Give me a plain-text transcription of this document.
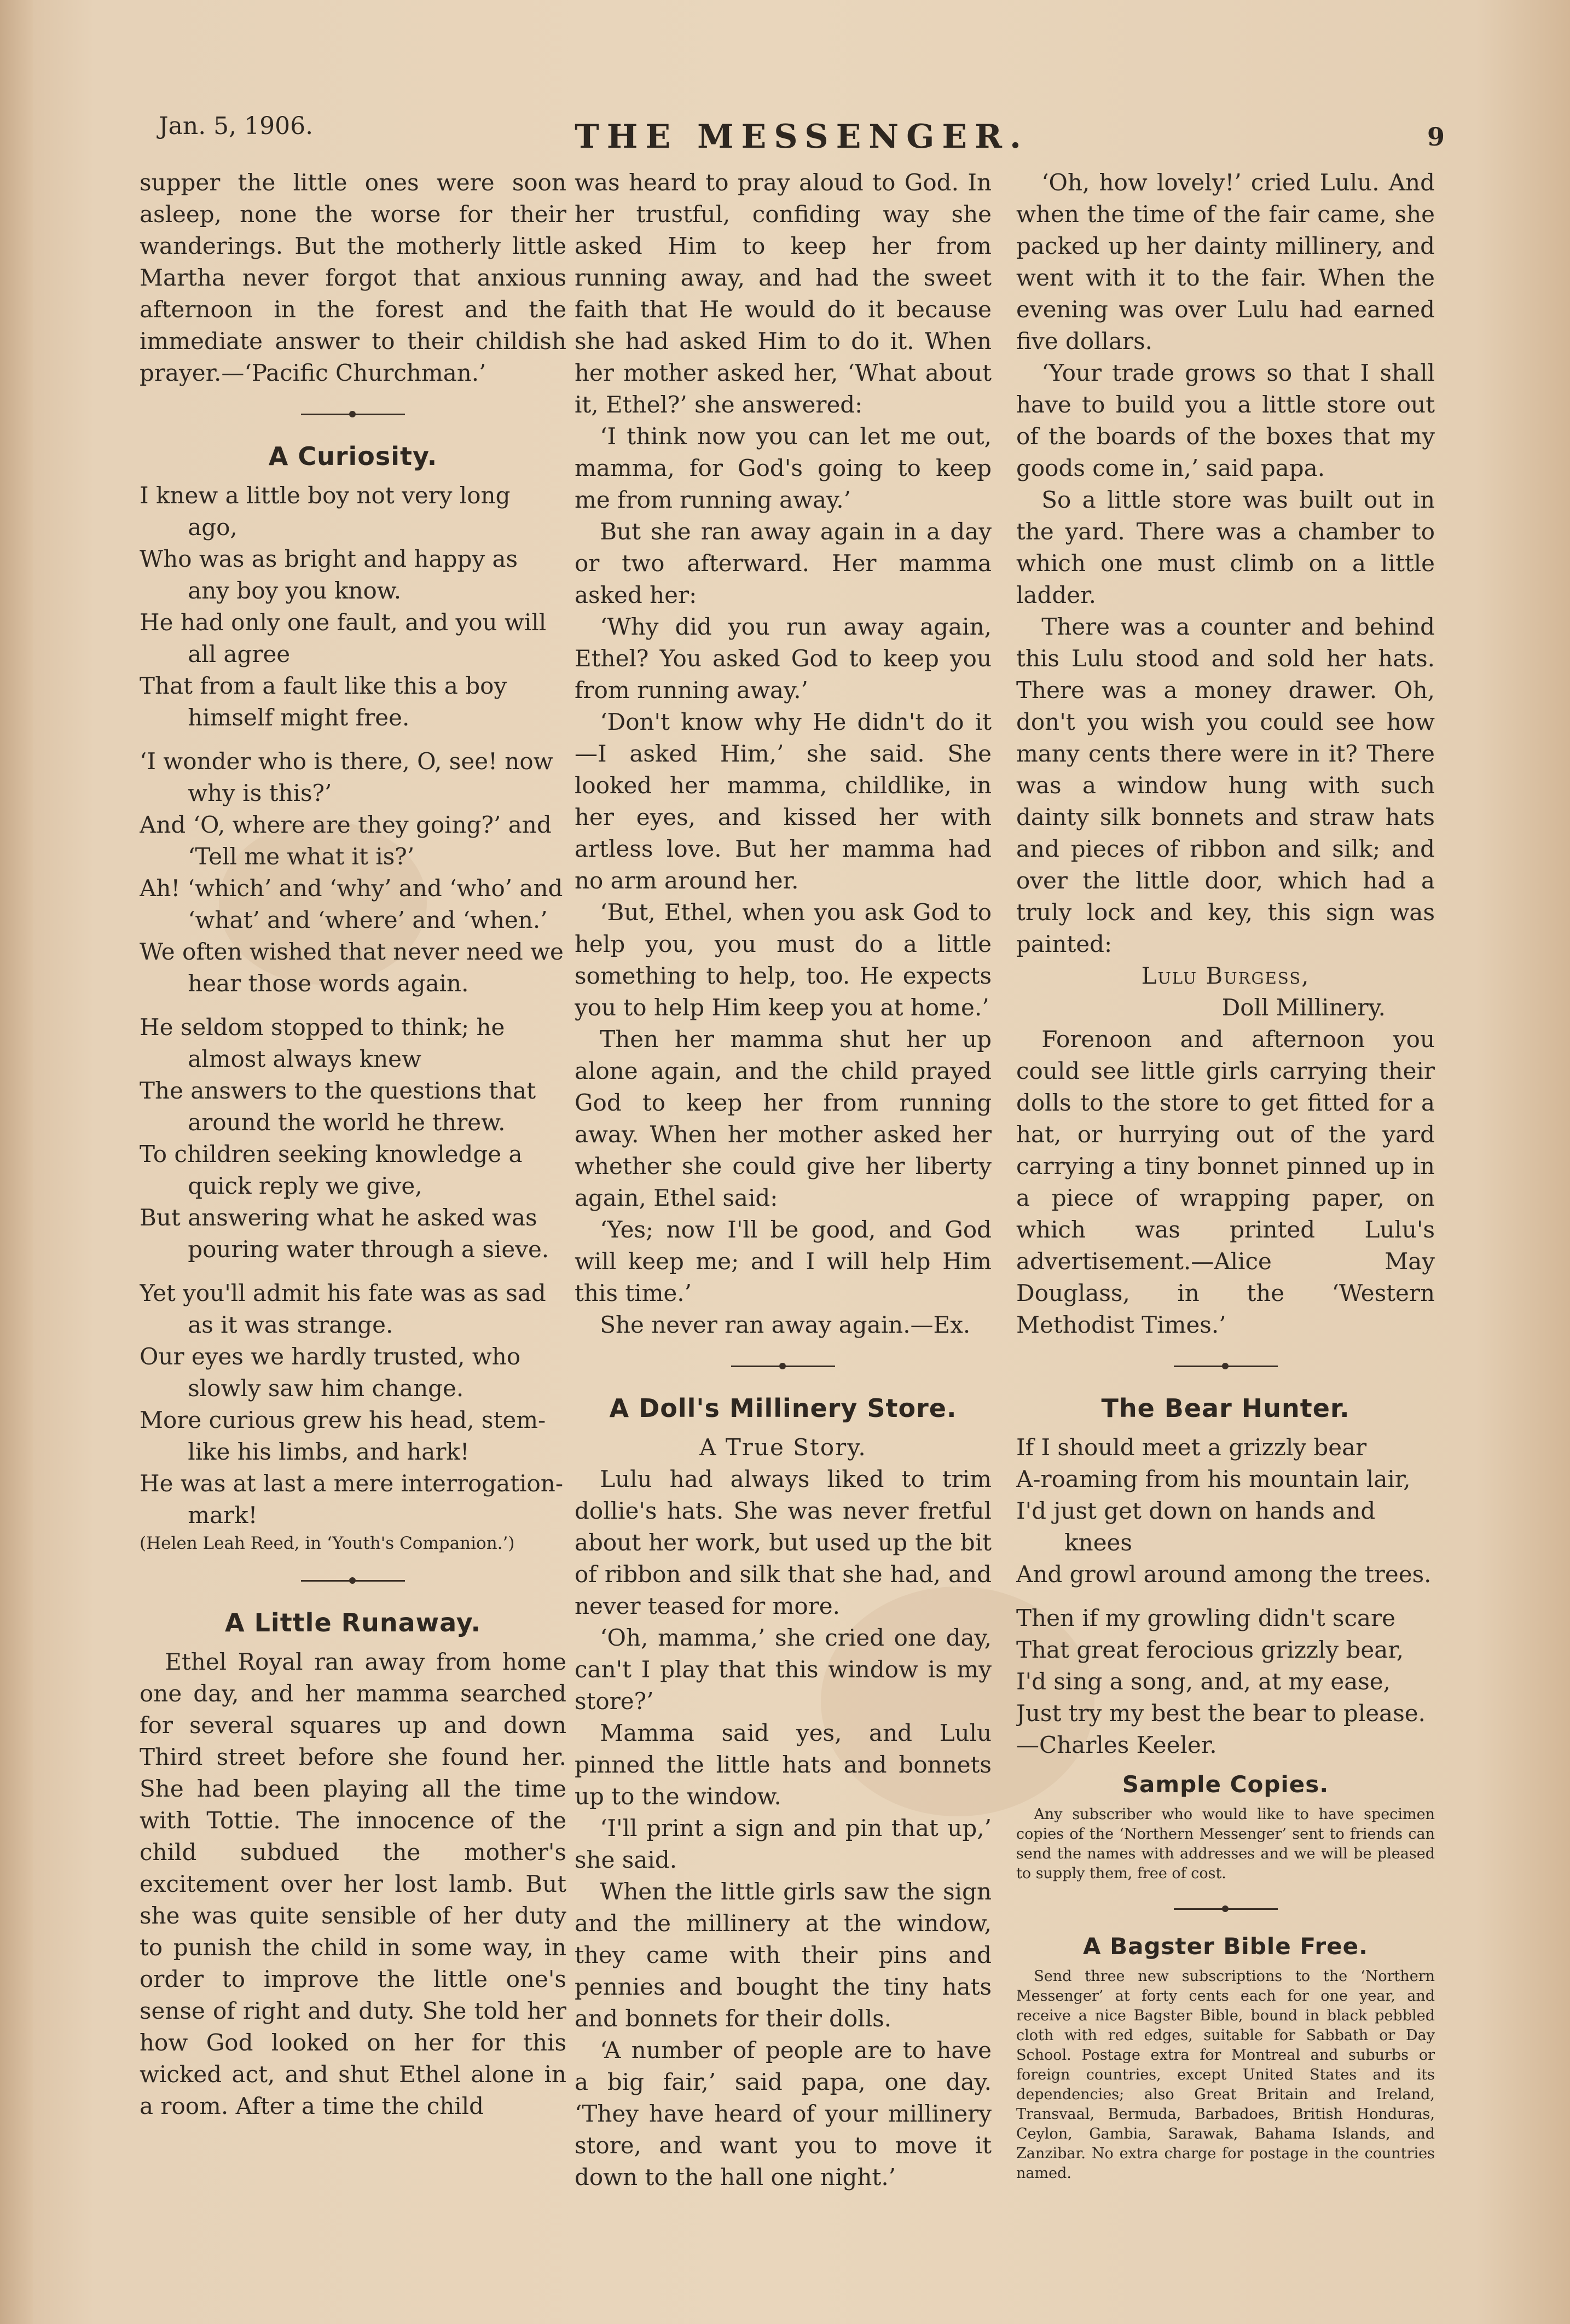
Jan. 5, 1906.	THE MESSENGER.	9

supper the little ones were soon asleep, none the worse for their wanderings. But the motherly little Martha never forgot that anxious afternoon in the forest and the immediate answer to their childish prayer.—‘Pacific Churchman.’

A Curiosity.

I knew a little boy not very long ago,

Who was as bright and happy as any boy you know.

He had only one fault, and you will all agree

That from a fault like this a boy himself might free.

‘I wonder who is there, O, see! now why is this?’

And ‘O, where are they going?’ and ‘Tell me what it is?’

Ah! ‘which’ and ‘why’ and ‘who’ and ‘what’ and ‘where’ and ‘when.’

We often wished that never need we hear those words again.

He seldom stopped to think; he almost always knew

The answers to the questions that around the world he threw.

To children seeking knowledge a quick reply we give,

But answering what he asked was pouring water through a sieve.

Yet you'll admit his fate was as sad as it was strange.

Our eyes we hardly trusted, who slowly saw him change.

More curious grew his head, stem-like his limbs, and hark!

He was at last a mere interrogation-mark!

(Helen Leah Reed, in ‘Youth's Companion.’)

A Little Runaway.

Ethel Royal ran away from home one day, and her mamma searched for several squares up and down Third street before she found her. She had been playing all the time with Tottie. The innocence of the child subdued the mother's excitement over her lost lamb. But she was quite sensible of her duty to punish the child in some way, in order to improve the little one's sense of right and duty. She told her how God looked on her for this wicked act, and shut Ethel alone in a room. After a time the child

was heard to pray aloud to God. In her trustful, confiding way she asked Him to keep her from running away, and had the sweet faith that He would do it because she had asked Him to do it. When her mother asked her, ‘What about it, Ethel?’ she answered:

‘I think now you can let me out, mamma, for God's going to keep me from running away.’

But she ran away again in a day or two afterward. Her mamma asked her:

‘Why did you run away again, Ethel? You asked God to keep you from running away.’

‘Don't know why He didn't do it—I asked Him,’ she said. She looked her mamma, childlike, in her eyes, and kissed her with artless love. But her mamma had no arm around her.

‘But, Ethel, when you ask God to help you, you must do a little something to help, too. He expects you to help Him keep you at home.’

Then her mamma shut her up alone again, and the child prayed God to keep her from running away. When her mother asked her whether she could give her liberty again, Ethel said:

‘Yes; now I'll be good, and God will keep me; and I will help Him this time.’

She never ran away again.—Ex.

A Doll's Millinery Store.

A True Story.

Lulu had always liked to trim dollie's hats. She was never fretful about her work, but used up the bit of ribbon and silk that she had, and never teased for more.

‘Oh, mamma,’ she cried one day, can't I play that this window is my store?’

Mamma said yes, and Lulu pinned the little hats and bonnets up to the window.

‘I'll print a sign and pin that up,’ she said.

When the little girls saw the sign and the millinery at the window, they came with their pins and pennies and bought the tiny hats and bonnets for their dolls.

‘A number of people are to have a big fair,’ said papa, one day. ‘They have heard of your millinery store, and want you to move it down to the hall one night.’

‘Oh, how lovely!’ cried Lulu. And when the time of the fair came, she packed up her dainty millinery, and went with it to the fair. When the evening was over Lulu had earned five dollars.

‘Your trade grows so that I shall have to build you a little store out of the boards of the boxes that my goods come in,’ said papa.

So a little store was built out in the yard. There was a chamber to which one must climb on a little ladder.

There was a counter and behind this Lulu stood and sold her hats. There was a money drawer. Oh, don't you wish you could see how many cents there were in it? There was a window hung with such dainty silk bonnets and straw hats and pieces of ribbon and silk; and over the little door, which had a truly lock and key, this sign was painted:

Lulu Burgess,

Doll Millinery.

Forenoon and afternoon you could see little girls carrying their dolls to the store to get fitted for a hat, or hurrying out of the yard carrying a tiny bonnet pinned up in a piece of wrapping paper, on which was printed Lulu's advertisement.—Alice May Douglass, in the ‘Western Methodist Times.’

The Bear Hunter.

If I should meet a grizzly bear

A-roaming from his mountain lair,

I'd just get down on hands and knees

And growl around among the trees.

Then if my growling didn't scare

That great ferocious grizzly bear,

I'd sing a song, and, at my ease,

Just try my best the bear to please.

—Charles Keeler.

Sample Copies.

Any subscriber who would like to have specimen copies of the ‘Northern Messenger’ sent to friends can send the names with addresses and we will be pleased to supply them, free of cost.

A Bagster Bible Free.

Send three new subscriptions to the ‘Northern Messenger’ at forty cents each for one year, and receive a nice Bagster Bible, bound in black pebbled cloth with red edges, suitable for Sabbath or Day School. Postage extra for Montreal and suburbs or foreign countries, except United States and its dependencies; also Great Britain and Ireland, Transvaal, Bermuda, Barbadoes, British Honduras, Ceylon, Gambia, Sarawak, Bahama Islands, and Zanzibar. No extra charge for postage in the countries named.
